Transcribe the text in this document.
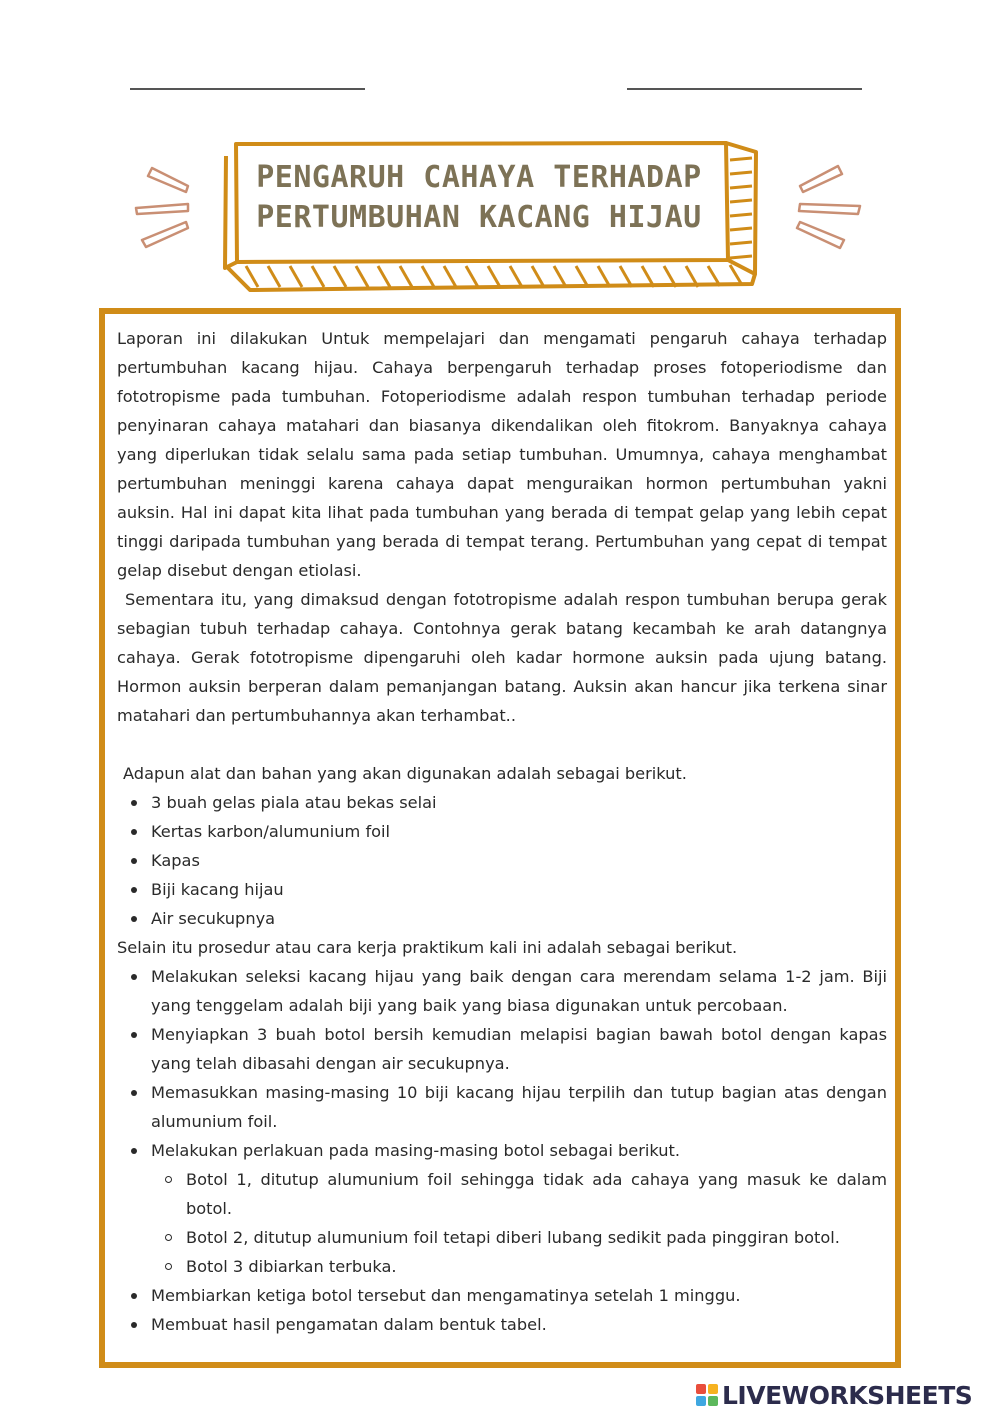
PENGARUH CAHAYA TERHADAP
PERTUMBUHAN KACANG HIJAU

Laporan ini dilakukan Untuk mempelajari dan mengamati pengaruh cahaya terhadap pertumbuhan kacang hijau. Cahaya berpengaruh terhadap proses fotoperiodisme dan fototropisme pada tumbuhan. Fotoperiodisme adalah respon tumbuhan terhadap periode penyinaran cahaya matahari dan biasanya dikendalikan oleh fitokrom. Banyaknya cahaya yang diperlukan tidak selalu sama pada setiap tumbuhan. Umumnya, cahaya menghambat pertumbuhan meninggi karena cahaya dapat menguraikan hormon pertumbuhan yakni auksin. Hal ini dapat kita lihat pada tumbuhan yang berada di tempat gelap yang lebih cepat tinggi daripada tumbuhan yang berada di tempat terang. Pertumbuhan yang cepat di tempat gelap disebut dengan etiolasi.

Sementara itu, yang dimaksud dengan fototropisme adalah respon tumbuhan berupa gerak sebagian tubuh terhadap cahaya. Contohnya gerak batang kecambah ke arah datangnya cahaya. Gerak fototropisme dipengaruhi oleh kadar hormone auksin pada ujung batang. Hormon auksin berperan dalam pemanjangan batang. Auksin akan hancur jika terkena sinar matahari dan pertumbuhannya akan terhambat..

Adapun alat dan bahan yang akan digunakan adalah sebagai berikut.

3 buah gelas piala atau bekas selai
Kertas karbon/alumunium foil
Kapas
Biji kacang hijau
Air secukupnya

Selain itu prosedur atau cara kerja praktikum kali ini adalah sebagai berikut.

Melakukan seleksi kacang hijau yang baik dengan cara merendam selama 1-2 jam. Biji yang tenggelam adalah biji yang baik yang biasa digunakan untuk percobaan.
Menyiapkan 3 buah botol bersih kemudian melapisi bagian bawah botol dengan kapas yang telah dibasahi dengan air secukupnya.
Memasukkan masing-masing 10 biji kacang hijau terpilih dan tutup bagian atas dengan alumunium foil.
Melakukan perlakuan pada masing-masing botol sebagai berikut.
Botol 1, ditutup alumunium foil sehingga tidak ada cahaya yang masuk ke dalam botol.
Botol 2, ditutup alumunium foil tetapi diberi lubang sedikit pada pinggiran botol.
Botol 3 dibiarkan terbuka.
Membiarkan ketiga botol tersebut dan mengamatinya setelah 1 minggu.
Membuat hasil pengamatan dalam bentuk tabel.
LIVEWORKSHEETS
